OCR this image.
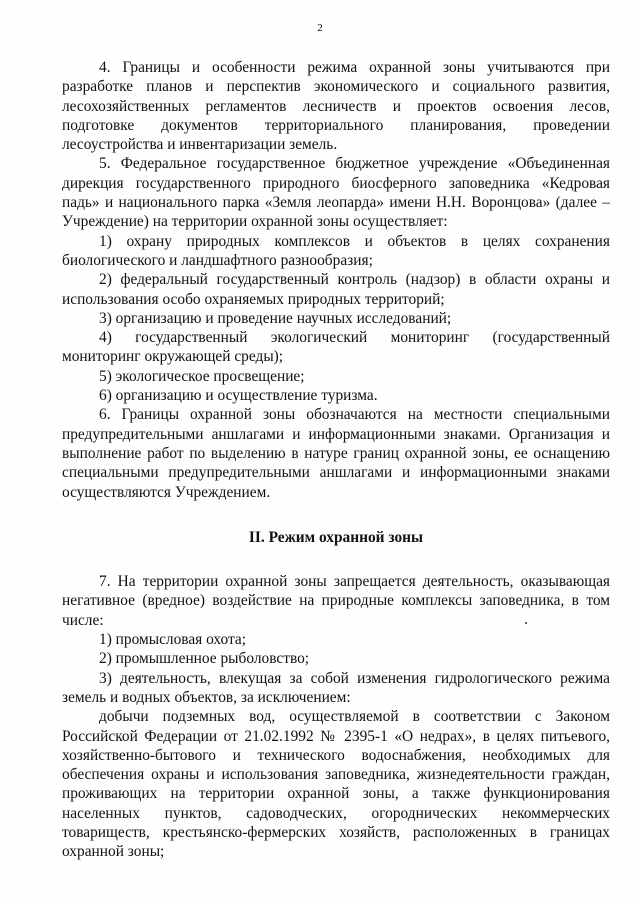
2

4. Границы и особенности режима охранной зоны учитываются при разработке планов и перспектив экономического и социального развития, лесохозяйственных регламентов лесничеств и проектов освоения лесов, подготовке документов территориального планирования, проведении лесоустройства и инвентаризации земель.

5. Федеральное государственное бюджетное учреждение «Объединенная дирекция государственного природного биосферного заповедника «Кедровая падь» и национального парка «Земля леопарда» имени Н.Н. Воронцова» (далее – Учреждение) на территории охранной зоны осуществляет:

1) охрану природных комплексов и объектов в целях сохранения биологического и ландшафтного разнообразия;

2) федеральный государственный контроль (надзор) в области охраны и использования особо охраняемых природных территорий;

3) организацию и проведение научных исследований;

4) государственный экологический мониторинг (государственный мониторинг окружающей среды);

5) экологическое просвещение;

6) организацию и осуществление туризма.

6. Границы охранной зоны обозначаются на местности специальными предупредительными аншлагами и информационными знаками. Организация и выполнение работ по выделению в натуре границ охранной зоны, ее оснащению специальными предупредительными аншлагами и информационными знаками осуществляются Учреждением.

II. Режим охранной зоны

7. На территории охранной зоны запрещается деятельность, оказывающая негативное (вредное) воздействие на природные комплексы заповедника, в том числе:

1) промысловая охота;

2) промышленное рыболовство;

3) деятельность, влекущая за собой изменения гидрологического режима земель и водных объектов, за исключением:

добычи подземных вод, осуществляемой в соответствии с Законом Российской Федерации от 21.02.1992 № 2395-1 «О недрах», в целях питьевого, хозяйственно-бытового и технического водоснабжения, необходимых для обеспечения охраны и использования заповедника, жизнедеятельности граждан, проживающих на территории охранной зоны, а также функционирования населенных пунктов, садоводческих, огороднических некоммерческих товариществ, крестьянско-фермерских хозяйств, расположенных в границах охранной зоны;
